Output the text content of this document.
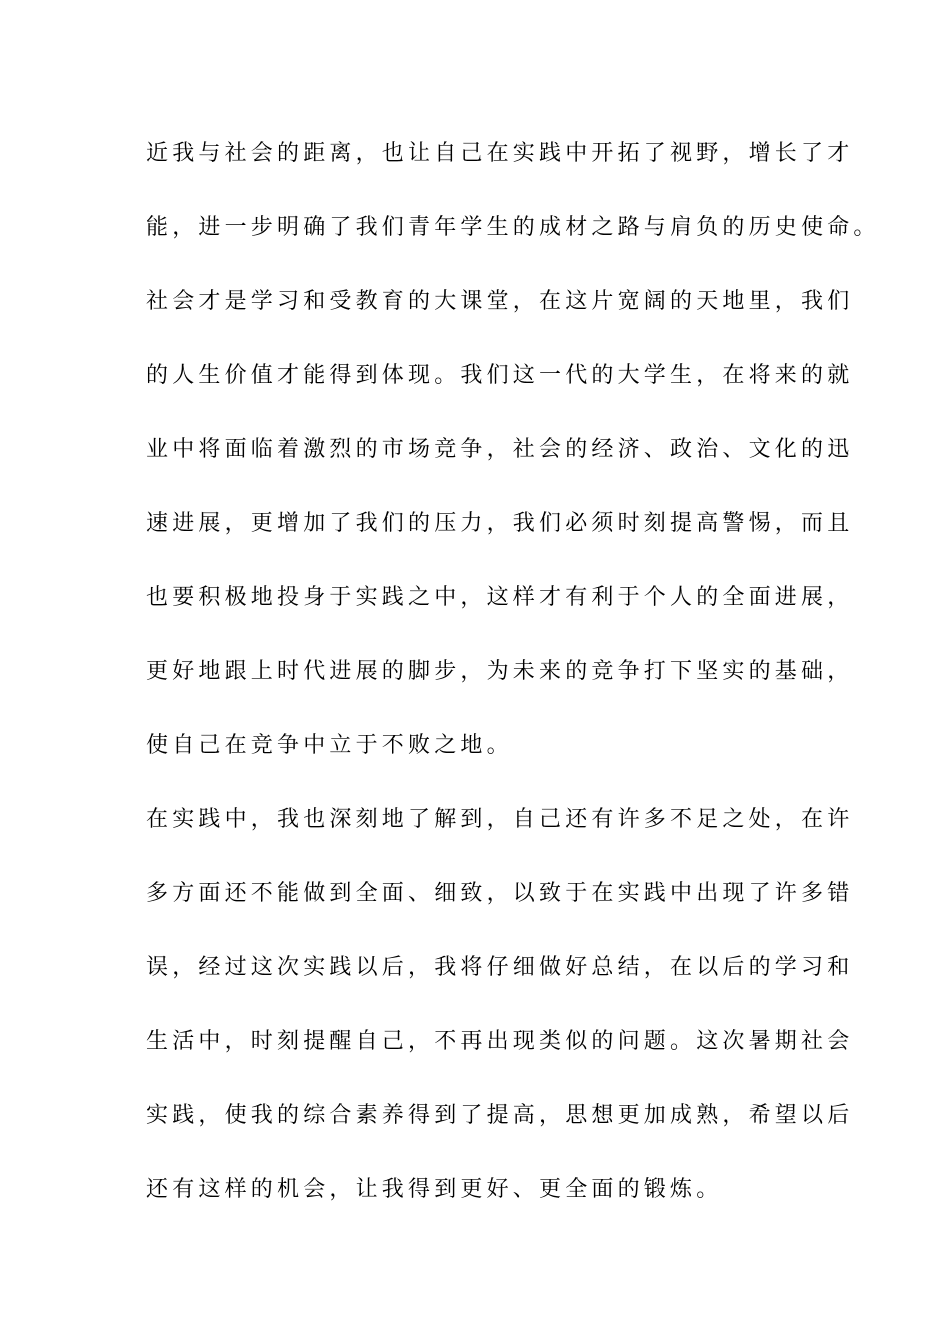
近我与社会的距离，也让自己在实践中开拓了视野，增长了才
能，进一步明确了我们青年学生的成材之路与肩负的历史使命。
社会才是学习和受教育的大课堂，在这片宽阔的天地里，我们
的人生价值才能得到体现。我们这一代的大学生，在将来的就
业中将面临着激烈的市场竞争，社会的经济、政治、文化的迅
速进展，更增加了我们的压力，我们必须时刻提高警惕，而且
也要积极地投身于实践之中，这样才有利于个人的全面进展，
更好地跟上时代进展的脚步，为未来的竞争打下坚实的基础，
使自己在竞争中立于不败之地。
在实践中，我也深刻地了解到，自己还有许多不足之处，在许
多方面还不能做到全面、细致，以致于在实践中出现了许多错
误，经过这次实践以后，我将仔细做好总结，在以后的学习和
生活中，时刻提醒自己，不再出现类似的问题。这次暑期社会
实践，使我的综合素养得到了提高，思想更加成熟，希望以后
还有这样的机会，让我得到更好、更全面的锻炼。
